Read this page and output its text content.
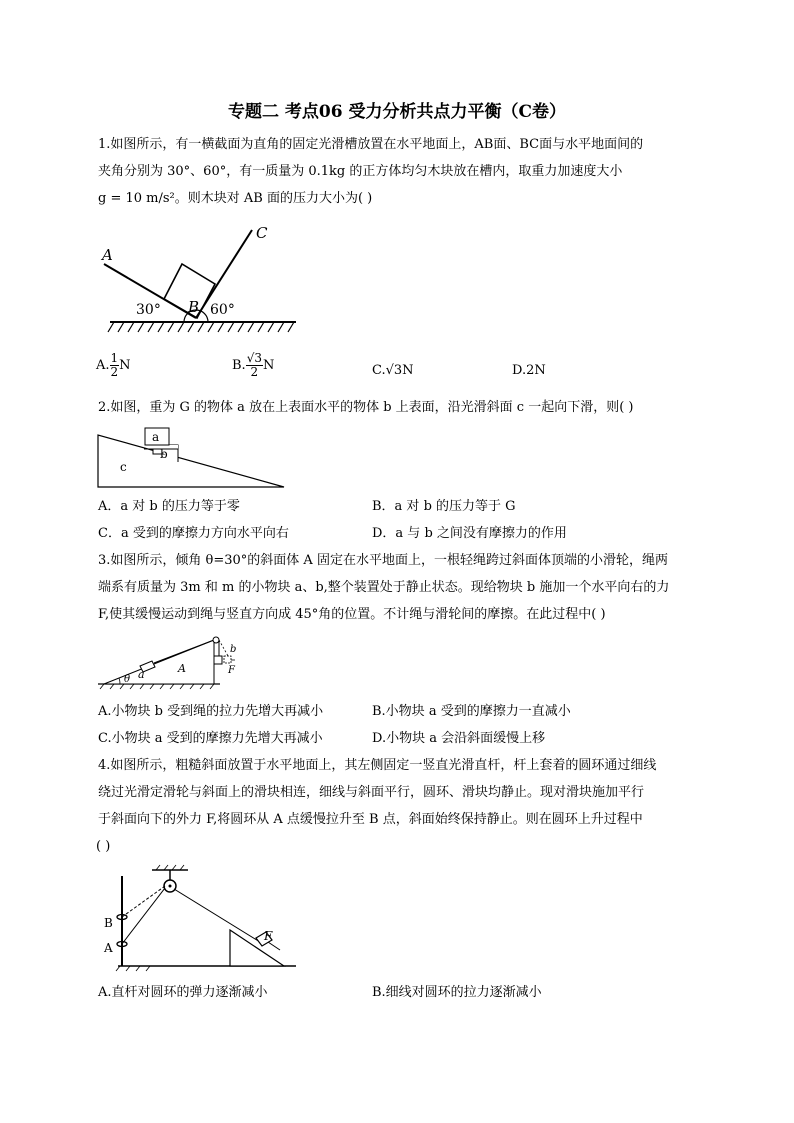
专题二 考点06 受力分析共点力平衡（C卷）
1.如图所示，有一横截面为直角的固定光滑槽放置在水平地面上，AB面、BC面与水平地面间的
夹角分别为 30°、60°，有一质量为 0.1kg 的正方体均匀木块放在槽内，取重力加速度大小
g = 10 m/s²。则木块对 AB 面的压力大小为( )
A
B
C
30°	60°
A. $\frac{1}{2}$ N	B. $\frac{√3}{2}$ N	C.√3N	D.2N
2.如图，重为 G 的物体 a 放在上表面水平的物体 b 上表面，沿光滑斜面 c 一起向下滑，则( )
a
b
c
A．a 对 b 的压力等于零	B．a 对 b 的压力等于 G
C．a 受到的摩擦力方向水平向右	D．a 与 b 之间没有摩擦力的作用
3.如图所示，倾角 θ=30°的斜面体 A 固定在水平地面上，一根轻绳跨过斜面体顶端的小滑轮，绳两
端系有质量为 3m 和 m 的小物块 a、b,整个装置处于静止状态。现给物块 b 施加一个水平向右的力
F,使其缓慢运动到绳与竖直方向成 45°角的位置。不计绳与滑轮间的摩擦。在此过程中( )
a	A
θ
b
F
A.小物块 b 受到绳的拉力先增大再减小	B.小物块 a 受到的摩擦力一直减小
C.小物块 a 受到的摩擦力先增大再减小	D.小物块 a 会沿斜面缓慢上移
4.如图所示，粗糙斜面放置于水平地面上，其左侧固定一竖直光滑直杆，杆上套着的圆环通过细线
绕过光滑定滑轮与斜面上的滑块相连，细线与斜面平行，圆环、滑块均静止。现对滑块施加平行
于斜面向下的外力 F,将圆环从 A 点缓慢拉升至 B 点，斜面始终保持静止。则在圆环上升过程中
( )
B
A
F
A.直杆对圆环的弹力逐渐减小	B.细线对圆环的拉力逐渐减小
